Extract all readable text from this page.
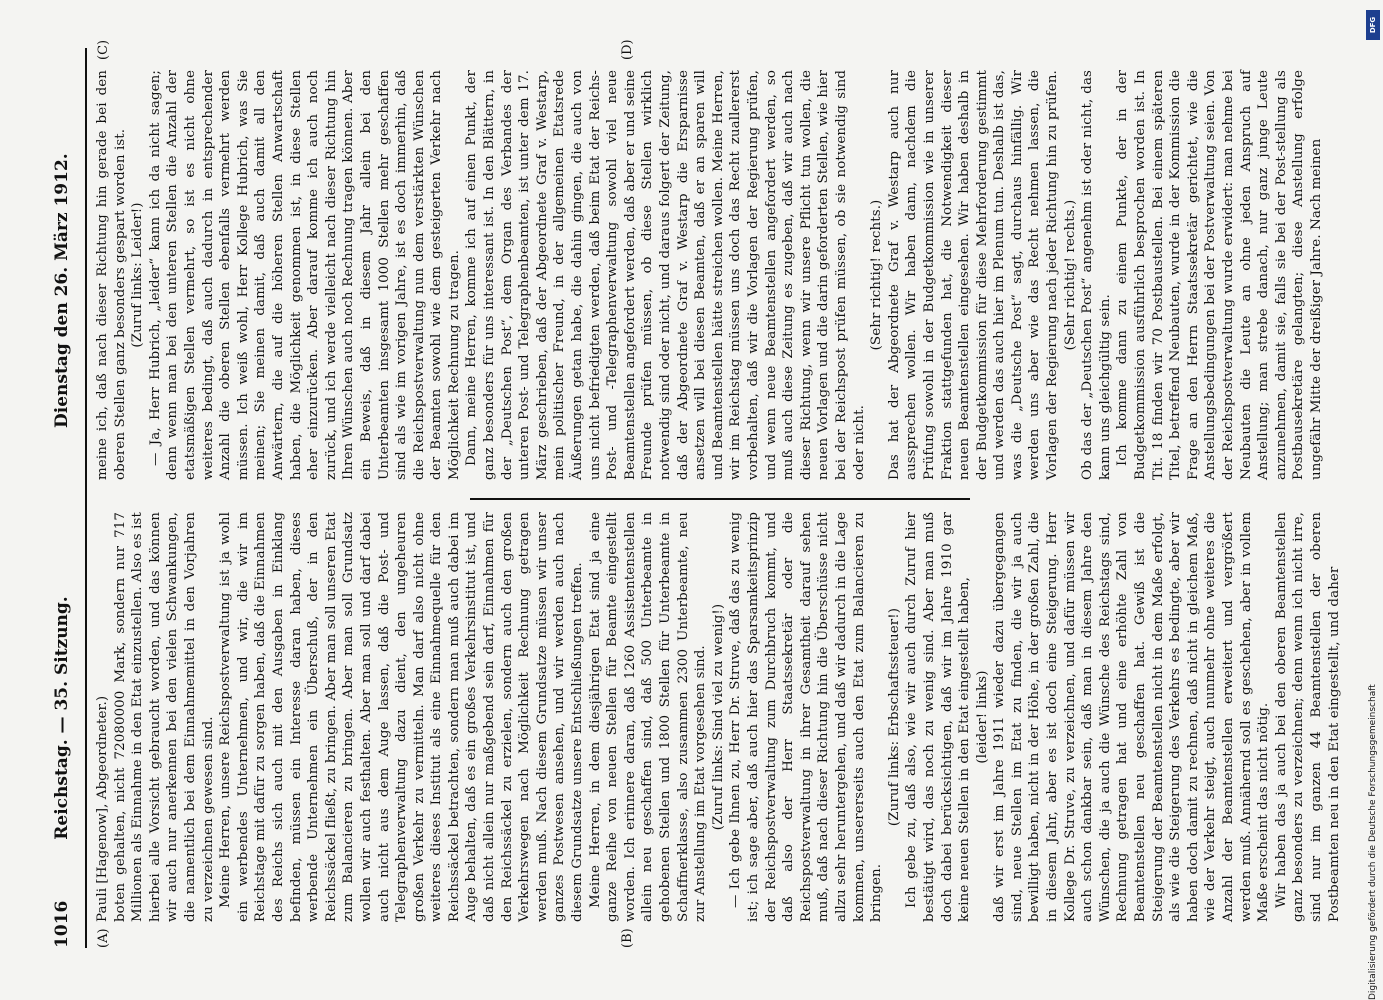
1016
Reichstag. — 35. Sitzung.
Dienstag den 26. März 1912.
(A)	(B)
(C)	(D)

Pauli [Hagenow], Abgeordneter.) boten gehalten, nicht 72080000 Mark, sondern nur 717 Millionen als Einnahme in den Etat einzustellen. Also es ist hierbei alle Vorsicht gebraucht worden, und das können wir auch nur anerkennen bei den vielen Schwankungen, die namentlich bei dem Einnahmemittel in den Vorjahren zu verzeichnen gewesen sind. Meine Herren, unsere Reichspostverwaltung ist ja wohl ein werbendes Unternehmen, und wir, die wir im Reichstage mit dafür zu sorgen haben, daß die Einnahmen des Reichs sich auch mit den Ausgaben in Einklang befinden, müssen ein Interesse daran haben, dieses werbende Unternehmen ein Überschuß, der in den Reichssäckel fließt, zu bringen. Aber man soll unseren Etat zum Balancieren zu bringen. Aber man soll Grundsatz wollen wir auch festhalten. Aber man soll und darf dabei auch nicht aus dem Auge lassen, daß die Post- und Telegraphenverwaltung dazu dient, den ungeheuren großen Verkehr zu vermitteln. Man darf also nicht ohne weiteres dieses Institut als eine Einnahmequelle für den Reichssäckel betrachten, sondern man muß auch dabei im Auge behalten, daß es ein großes Verkehrsinstitut ist, und daß nicht allein nur maßgebend sein darf, Einnahmen für den Reichssäckel zu erzielen, sondern auch den großen Verkehrswegen nach Möglichkeit Rechnung getragen werden muß. Nach diesem Grundsatze müssen wir unser ganzes Postwesen ansehen, und wir werden auch nach diesem Grundsatze unsere Entschließungen treffen. Meine Herren, in dem diesjährigen Etat sind ja eine ganze Reihe von neuen Stellen für Beamte eingestellt worden. Ich erinnere daran, daß 1260 Assistentenstellen allein neu geschaffen sind, daß 500 Unterbeamte in gehobenen Stellen und 1800 Stellen für Unterbeamte in Schaffnerklasse, also zusammen 2300 Unterbeamte, neu zur Anstellung im Etat vorgesehen sind. (Zuruf links: Sind viel zu wenig!) — Ich gebe Ihnen zu, Herr Dr. Struve, daß das zu wenig ist; ich sage aber, daß auch hier das Sparsamkeitsprinzip der Reichspostverwaltung zum Durchbruch kommt, und daß also der Herr Staatssekretär oder die Reichspostverwaltung in ihrer Gesamtheit darauf sehen muß, daß nach dieser Richtung hin die Überschüsse nicht allzu sehr heruntergehen, und daß wir dadurch in die Lage kommen, unsererseits auch den Etat zum Balancieren zu bringen.

(Zuruf links: Erbschaftssteuer!) Ich gebe zu, daß also, wie wir auch durch Zuruf hier bestätigt wird, das noch zu wenig sind. Aber man muß doch dabei berücksichtigen, daß wir im Jahre 1910 gar keine neuen Stellen in den Etat eingestellt haben, (leider! links) daß wir erst im Jahre 1911 wieder dazu übergegangen sind, neue Stellen im Etat zu finden, die wir ja auch bewilligt haben, nicht in der Höhe, in der großen Zahl, die in diesem Jahr, aber es ist doch eine Steigerung. Herr Kollege Dr. Struve, zu verzeichnen, und dafür müssen wir auch schon dankbar sein, daß man in diesem Jahre den Wünschen, die ja auch die Wünsche des Reichstags sind, Rechnung getragen hat und eine erhöhte Zahl von Beamtenstellen neu geschaffen hat. Gewiß ist die Steigerung der Beamtenstellen nicht in dem Maße erfolgt, als wie die Steigerung des Verkehrs es bedingte, aber wir haben doch damit zu rechnen, daß nicht in gleichem Maß, wie der Verkehr steigt, auch nunmehr ohne weiteres die Anzahl der Beamtenstellen erweitert und vergrößert werden muß. Annähernd soll es geschehen, aber in vollem Maße erscheint das nicht nötig. Wir haben das ja auch bei den oberen Beamtenstellen ganz besonders zu verzeichnen; denn wenn ich nicht irre, sind nur im ganzen 44 Beamtenstellen der oberen Postbeamten neu in den Etat eingestellt, und daher

meine ich, daß nach dieser Richtung hin gerade bei den oberen Stellen ganz besonders gespart worden ist. (Zuruf links: Leider!) — Ja, Herr Hubrich, „leider“ kann ich da nicht sagen; denn wenn man bei den unteren Stellen die Anzahl der etatsmäßigen Stellen vermehrt, so ist es nicht ohne weiteres bedingt, daß auch dadurch in entsprechender Anzahl die oberen Stellen ebenfalls vermehrt werden müssen. Ich weiß wohl, Herr Kollege Hubrich, was Sie meinen; Sie meinen damit, daß auch damit all den Anwärtern, die auf die höheren Stellen Anwartschaft haben, die Möglichkeit genommen ist, in diese Stellen eher einzurücken. Aber darauf komme ich auch noch zurück, und ich werde vielleicht nach dieser Richtung hin Ihren Wünschen auch noch Rechnung tragen können. Aber ein Beweis, daß in diesem Jahr allein bei den Unterbeamten insgesamt 1000 Stellen mehr geschaffen sind als wie im vorigen Jahre, ist es doch immerhin, daß die Reichspostverwaltung nun dem verstärkten Wünschen der Beamten sowohl wie dem gesteigerten Verkehr nach Möglichkeit Rechnung zu tragen. Dann, meine Herren, komme ich auf einen Punkt, der ganz besonders für uns interessant ist. In den Blättern, in der „Deutschen Post“, dem Organ des Verbandes der unteren Post- und Telegraphenbeamten, ist unter dem 17. März geschrieben, daß der Abgeordnete Graf v. Westarp, mein politischer Freund, in der allgemeinen Etatsrede Äußerungen getan habe, die dahin gingen, die auch von uns nicht befriedigten werden, daß beim Etat der Reichs-Post- und -Telegraphenverwaltung sowohl viel neue Beamtenstellen angefordert werden, daß aber er und seine Freunde prüfen müssen, ob diese Stellen wirklich notwendig sind oder nicht, und daraus folgert der Zeitung, daß der Abgeordnete Graf v. Westarp die Ersparnisse ansetzen will bei diesen Beamten, daß er an sparen will und Beamtenstellen hätte streichen wollen. Meine Herren, wir im Reichstag müssen uns doch das Recht zuallererst vorbehalten, daß wir die Vorlagen der Regierung prüfen, und wenn neue Beamtenstellen angefordert werden, so muß auch diese Zeitung es zugeben, daß wir auch nach dieser Richtung, wenn wir unsere Pflicht tun wollen, die neuen Vorlagen und die darin geforderten Stellen, wie hier bei der Reichspost prüfen müssen, ob sie notwendig sind oder nicht.

(Sehr richtig! rechts.) Das hat der Abgeordnete Graf v. Westarp auch nur aussprechen wollen. Wir haben dann, nachdem die Prüfung sowohl in der Budgetkommission wie in unserer Fraktion stattgefunden hat, die Notwendigkeit dieser neuen Beamtenstellen eingesehen. Wir haben deshalb in der Budgetkommission für diese Mehrforderung gestimmt und werden das auch hier im Plenum tun. Deshalb ist das, was die „Deutsche Post“ sagt, durchaus hinfällig. Wir werden uns aber wie das Recht nehmen lassen, die Vorlagen der Regierung nach jeder Richtung hin zu prüfen. (Sehr richtig! rechts.) Ob das der „Deutschen Post“ angenehm ist oder nicht, das kann uns gleichgültig sein. Ich komme dann zu einem Punkte, der in der Budgetkommission ausführlich besprochen worden ist. In Tit. 18 finden wir 70 Postbaustellen. Bei einem späteren Titel, betreffend Neubauten, wurde in der Kommission die Frage an den Herrn Staatssekretär gerichtet, wie die Anstellungsbedingungen bei der Postverwaltung seien. Von der Reichspostverwaltung wurde erwidert: man nehme bei Neubauten die Leute an ohne jeden Anspruch auf Anstellung; man strebe danach, nur ganz junge Leute anzunehmen, damit sie, falls sie bei der Post-stellung als Postbausekretäre gelangten; diese Anstellung erfolge ungefähr Mitte der dreißiger Jahre. Nach meinen

DFG
Digitalisierung gefördert durch die Deutsche Forschungsgemeinschaft
